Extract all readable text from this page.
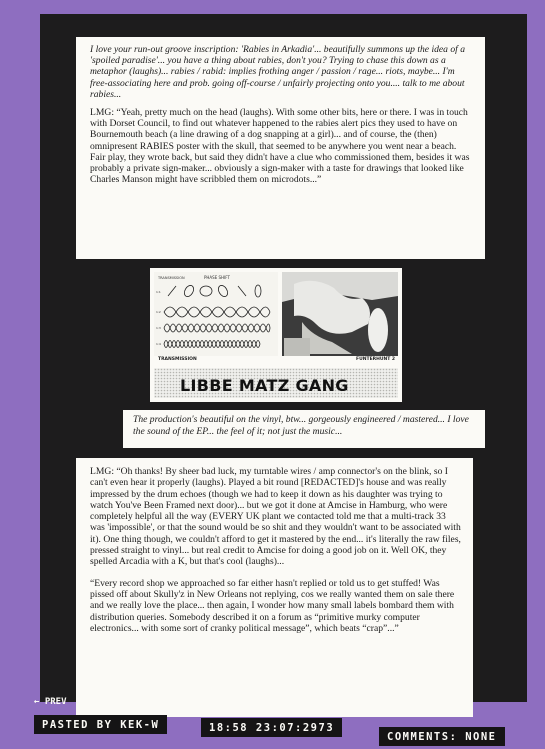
I love your run-out groove inscription: 'Rabies in Arkadia'... beautifully summons up the idea of a 'spoiled paradise'... you have a thing about rabies, don't you? Trying to chase this down as a metaphor (laughs)... rabies / rabid: implies frothing anger / passion / rage... riots, maybe... I'm free-associating here and prob. going off-course / unfairly projecting onto you.... talk to me about rabies...

LMG: “Yeah, pretty much on the head (laughs). With some other bits, here or there. I was in touch with Dorset Council, to find out whatever happened to the rabies alert pics they used to have on Bournemouth beach (a line drawing of a dog snapping at a girl)... and of course, the (then) omnipresent RABIES poster with the skull, that seemed to be anywhere you went near a beach. Fair play, they wrote back, but said they didn't have a clue who commissioned them, besides it was probably a private sign-maker... obviously a sign-maker with a taste for drawings that looked like Charles Manson might have scribbled them on microdots...”

TRANSMISSION	PHASE SHIFT
1:1
1:2
1:3
1:4
TRANSMISSION	FUNTERHUNT 2
LIBBE MATZ GANG
The production's beautiful on the vinyl, btw... gorgeously engineered / mastered... I love the sound of the EP... the feel of it; not just the music...

LMG: “Oh thanks! By sheer bad luck, my turntable wires / amp connector's on the blink, so I can't even hear it properly (laughs). Played a bit round [REDACTED]'s house and was really impressed by the drum echoes (though we had to keep it down as his daughter was trying to watch You've Been Framed next door)... but we got it done at Amcise in Hamburg, who were completely helpful all the way (EVERY UK plant we contacted told me that a multi-track 33 was 'impossible', or that the sound would be so shit and they wouldn't want to be associated with it). One thing though, we couldn't afford to get it mastered by the end... it's literally the raw files, pressed straight to vinyl... but real credit to Amcise for doing a good job on it. Well OK, they spelled Arcadia with a K, but that's cool (laughs)...

“Every record shop we approached so far either hasn't replied or told us to get stuffed! Was pissed off about Skully'z in New Orleans not replying, cos we really wanted them on sale there and we really love the place... then again, I wonder how many small labels bombard them with distribution queries. Somebody described it on a forum as “primitive murky computer electronics... with some sort of cranky political message”, which beats “crap”...”

← PREV
PASTED BY KEK-W	18:58 23:07:2973
COMMENTS: NONE
